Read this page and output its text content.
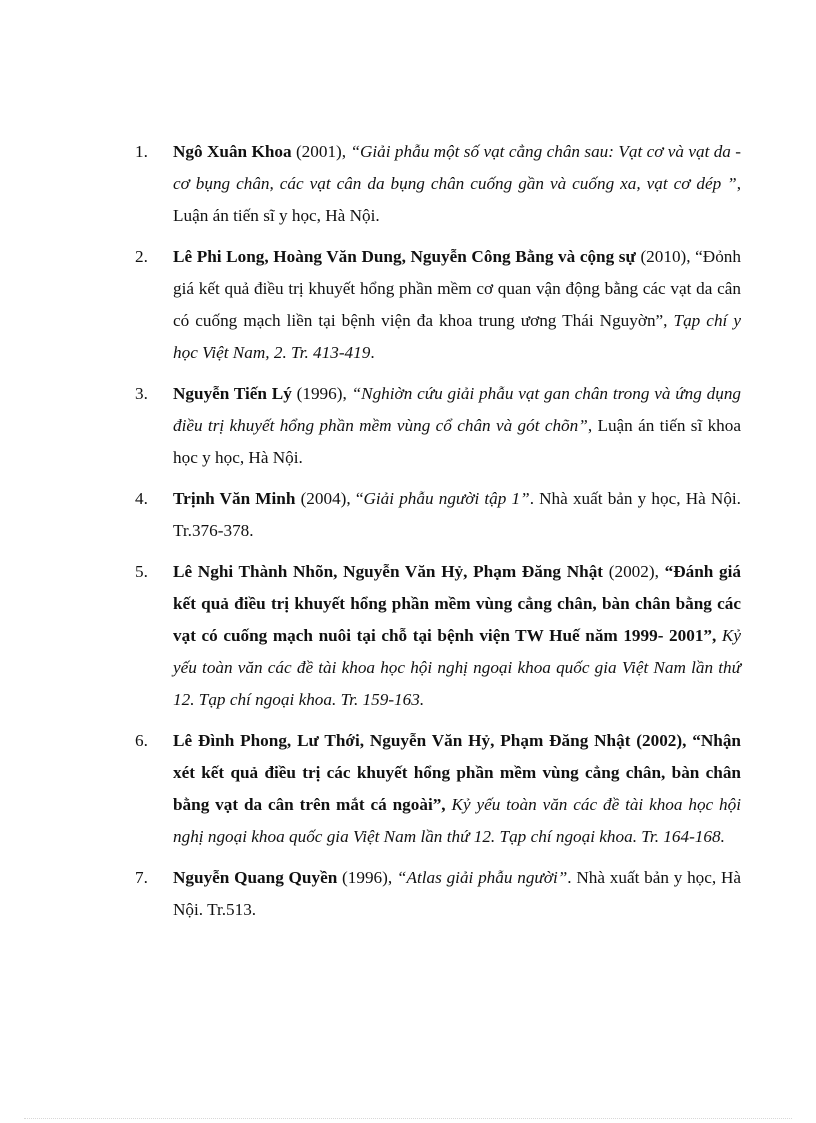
1.	Ngô Xuân Khoa (2001), “Giải phẫu một số vạt cẳng chân sau: Vạt cơ và vạt da - cơ bụng chân, các vạt cân da bụng chân cuống gần và cuống xa, vạt cơ dép ”, Luận án tiến sĩ y học, Hà Nội.
2.	Lê Phi Long, Hoàng Văn Dung, Nguyễn Công Bằng và cộng sự (2010), “Đỏnh giá kết quả điều trị khuyết hổng phần mềm cơ quan vận động bằng các vạt da cân có cuống mạch liền tại bệnh viện đa khoa trung ương Thái Nguyờn”, Tạp chí y học Việt Nam, 2. Tr. 413-419.
3.	Nguyễn Tiến Lý (1996), “Nghiờn cứu giải phẫu vạt gan chân trong và ứng dụng điều trị khuyết hổng phần mềm vùng cổ chân và gót chõn”, Luận án tiến sĩ khoa học y học, Hà Nội.
4.	Trịnh Văn Minh (2004), “Giải phẫu người tập 1”. Nhà xuất bản y học, Hà Nội. Tr.376-378.
5.	Lê Nghi Thành Nhõn, Nguyễn Văn Hỷ, Phạm Đăng Nhật (2002), “Đánh giá kết quả điều trị khuyết hổng phần mềm vùng cẳng chân, bàn chân bằng các vạt có cuống mạch nuôi tại chỗ tại bệnh viện TW Huế năm 1999- 2001”, Kỷ yếu toàn văn các đề tài khoa học hội nghị ngoại khoa quốc gia Việt Nam lần thứ 12. Tạp chí ngoại khoa. Tr. 159-163.
6.	Lê Đình Phong, Lư Thới, Nguyễn Văn Hỷ, Phạm Đăng Nhật (2002), “Nhận xét kết quả điều trị các khuyết hổng phần mềm vùng cẳng chân, bàn chân bằng vạt da cân trên mắt cá ngoài”, Kỷ yếu toàn văn các đề tài khoa học hội nghị ngoại khoa quốc gia Việt Nam lần thứ 12. Tạp chí ngoại khoa. Tr. 164-168.
7.	Nguyễn Quang Quyền (1996), “Atlas giải phẫu người”. Nhà xuất bản y học, Hà Nội. Tr.513.
